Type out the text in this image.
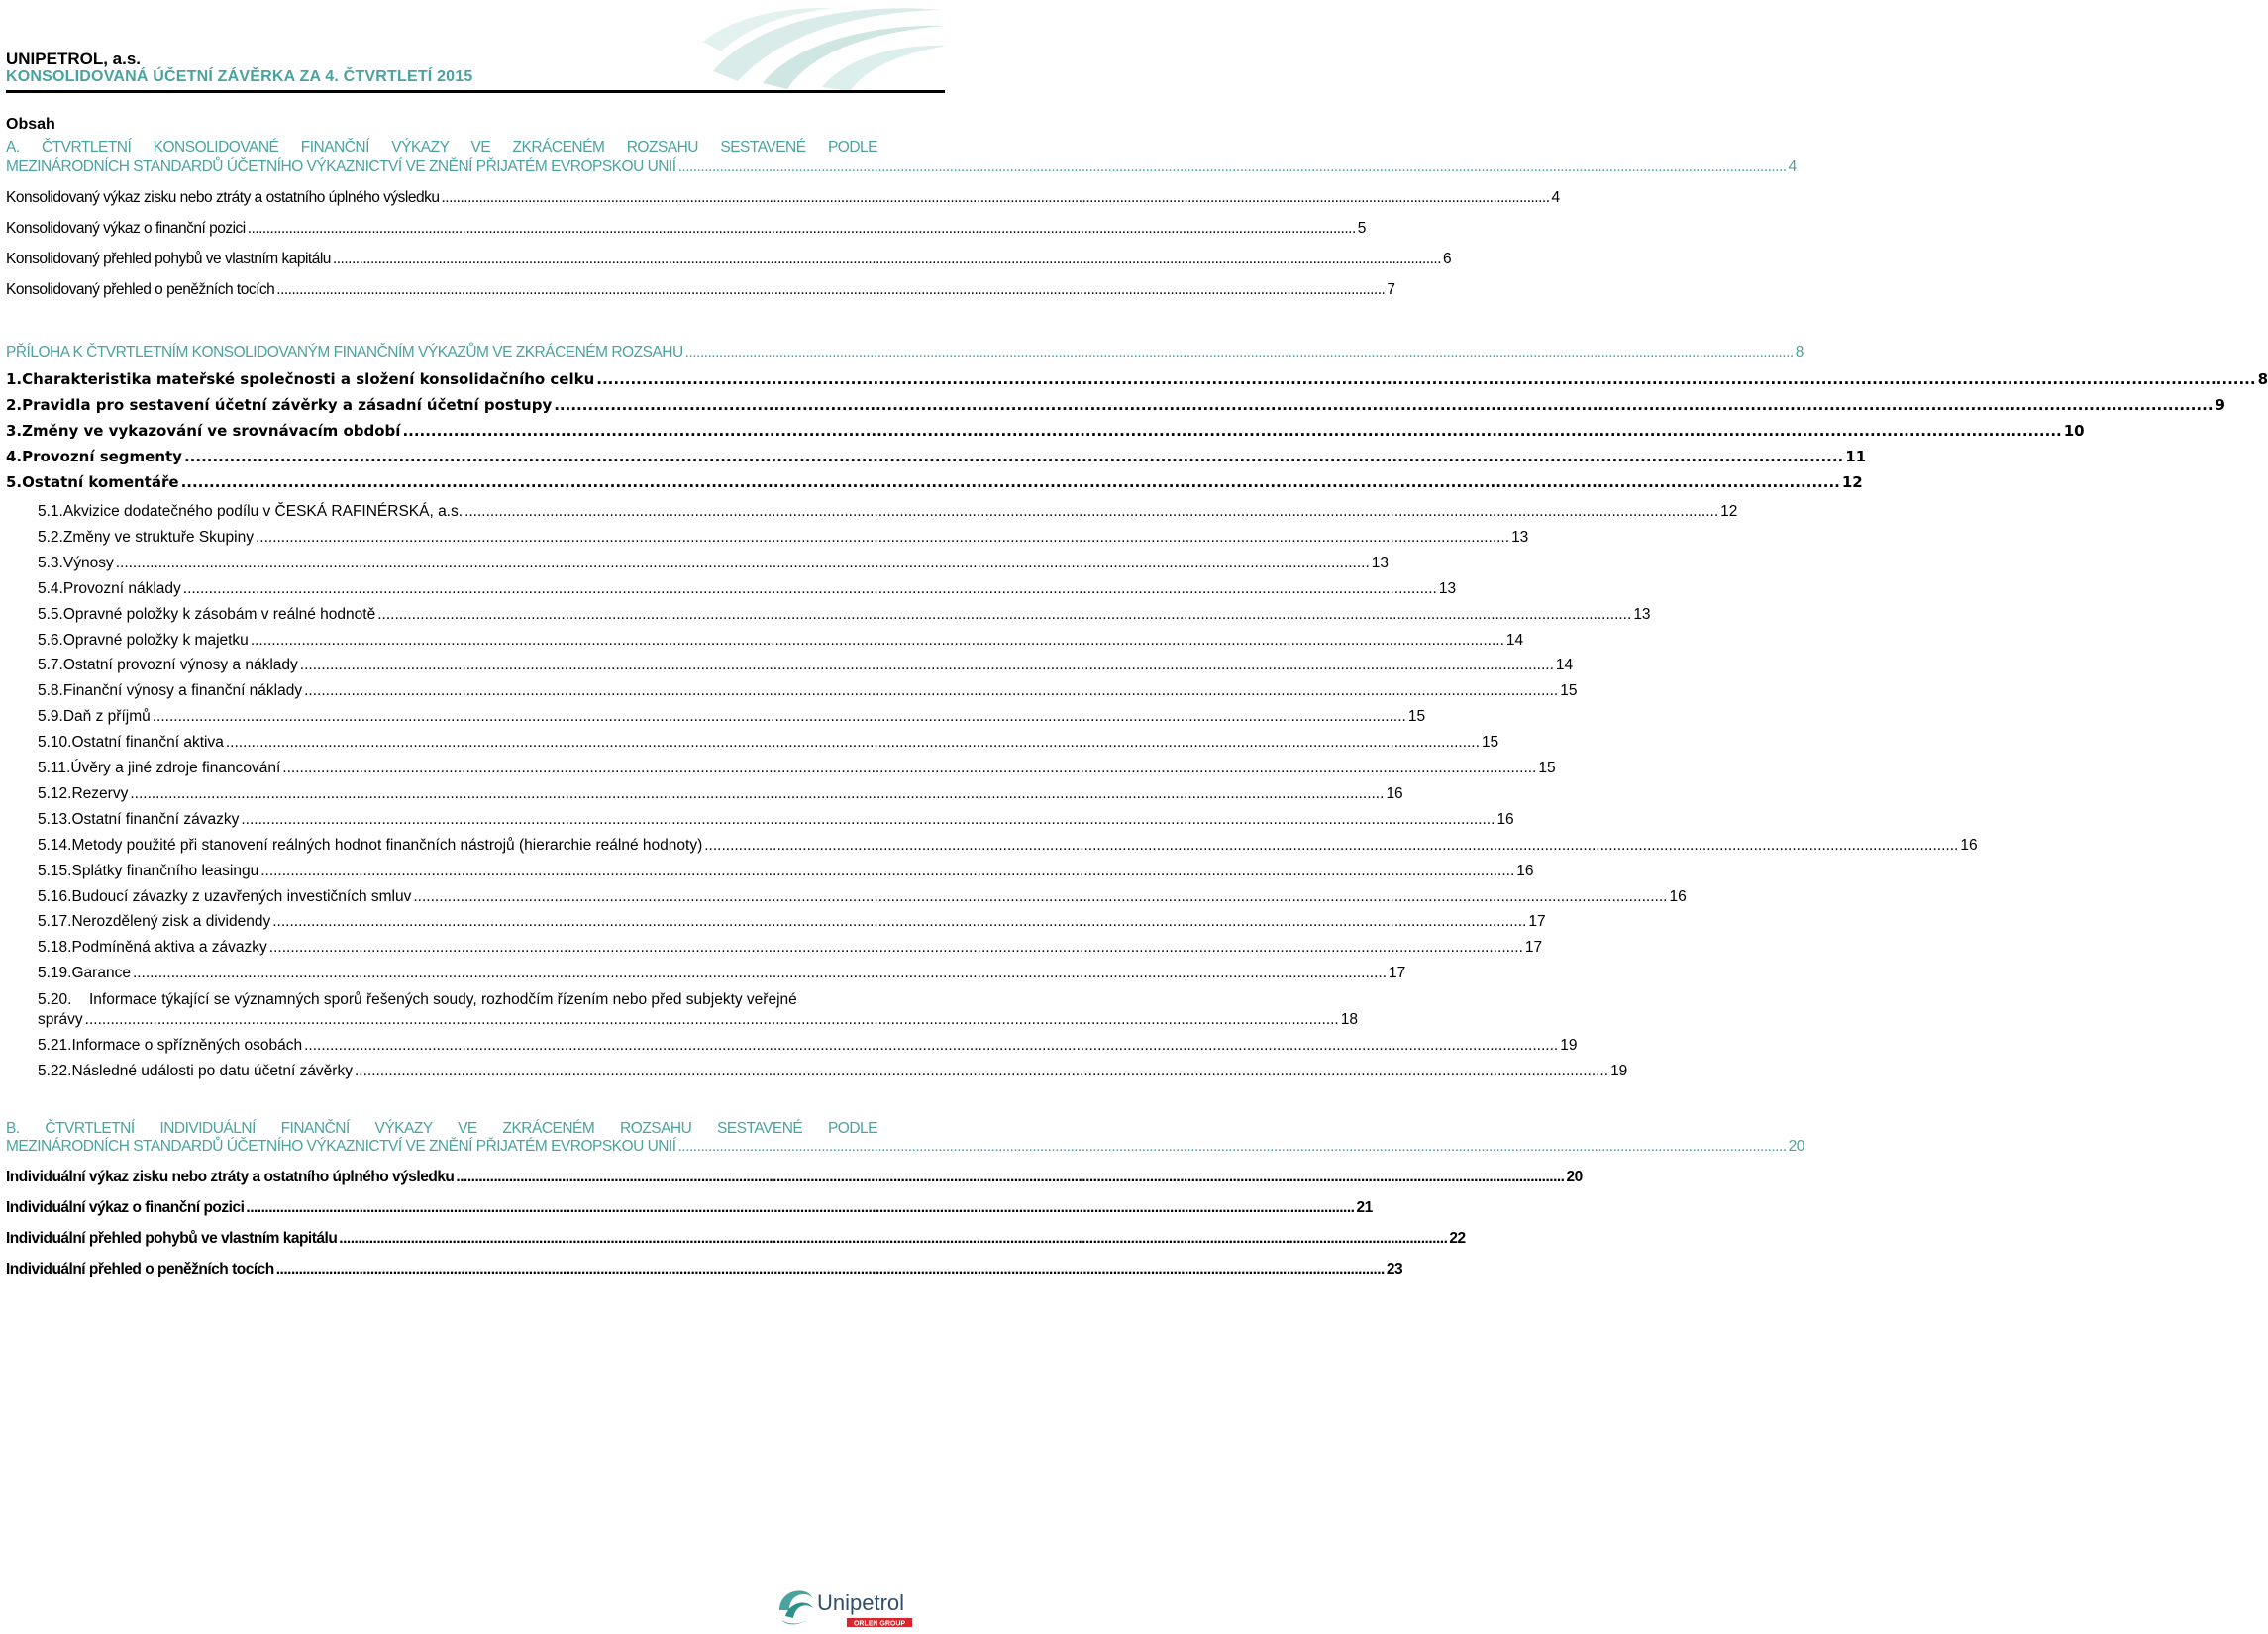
UNIPETROL, a.s.
KONSOLIDOVANÁ ÚČETNÍ ZÁVĚRKA ZA 4. ČTVRTLETÍ 2015
Obsah
A. ČTVRTLETNÍ KONSOLIDOVANÉ FINANČNÍ VÝKAZY VE ZKRÁCENÉM ROZSAHU SESTAVENÉ PODLE
MEZINÁRODNÍCH STANDARDŮ ÚČETNÍHO VÝKAZNICTVÍ VE ZNĚNÍ PŘIJATÉM EVROPSKOU UNIÍ .....	4
Konsolidovaný výkaz zisku nebo ztráty a ostatního úplného výsledku .....	4
Konsolidovaný výkaz o finanční pozici .....	5
Konsolidovaný přehled pohybů ve vlastním kapitálu .....	6
Konsolidovaný přehled o peněžních tocích .....	7
PŘÍLOHA K ČTVRTLETNÍM KONSOLIDOVANÝM FINANČNÍM VÝKAZŮM VE ZKRÁCENÉM ROZSAHU .....	8
1. Charakteristika mateřské společnosti a složení konsolidačního celku .....	8
2. Pravidla pro sestavení účetní závěrky a zásadní účetní postupy .....	9
3. Změny ve vykazování ve srovnávacím období .....	10
4. Provozní segmenty .....	11
5. Ostatní komentáře .....	12
5.1. Akvizice dodatečného podílu v ČESKÁ RAFINÉRSKÁ, a.s. .....	12
5.2. Změny ve struktuře Skupiny .....	13
5.3. Výnosy .....	13
5.4. Provozní náklady .....	13
5.5. Opravné položky k zásobám v reálné hodnotě .....	13
5.6. Opravné položky k majetku .....	14
5.7. Ostatní provozní výnosy a náklady .....	14
5.8. Finanční výnosy a finanční náklady .....	15
5.9. Daň z příjmů .....	15
5.10. Ostatní finanční aktiva .....	15
5.11. Úvěry a jiné zdroje financování .....	15
5.12. Rezervy .....	16
5.13. Ostatní finanční závazky .....	16
5.14. Metody použité při stanovení reálných hodnot finančních nástrojů (hierarchie reálné hodnoty) .....	16
5.15. Splátky finančního leasingu .....	16
5.16. Budoucí závazky z uzavřených investičních smluv .....	16
5.17. Nerozdělený zisk a dividendy .....	17
5.18. Podmíněná aktiva a závazky .....	17
5.19. Garance .....	17
5.20.	Informace týkající se významných sporů řešených soudy, rozhodčím řízením nebo před subjekty veřejné
správy .....	18
5.21. Informace o spřízněných osobách .....	19
5.22. Následné události po datu účetní závěrky .....	19
B. ČTVRTLETNÍ INDIVIDUÁLNÍ FINANČNÍ VÝKAZY VE ZKRÁCENÉM ROZSAHU SESTAVENÉ PODLE
MEZINÁRODNÍCH STANDARDŮ ÚČETNÍHO VÝKAZNICTVÍ VE ZNĚNÍ PŘIJATÉM EVROPSKOU UNIÍ .....	20
Individuální výkaz zisku nebo ztráty a ostatního úplného výsledku .....	20
Individuální výkaz o finanční pozici .....	21
Individuální přehled pohybů ve vlastním kapitálu .....	22
Individuální přehled o peněžních tocích .....	23
Unipetrol
ORLEN GROUP
